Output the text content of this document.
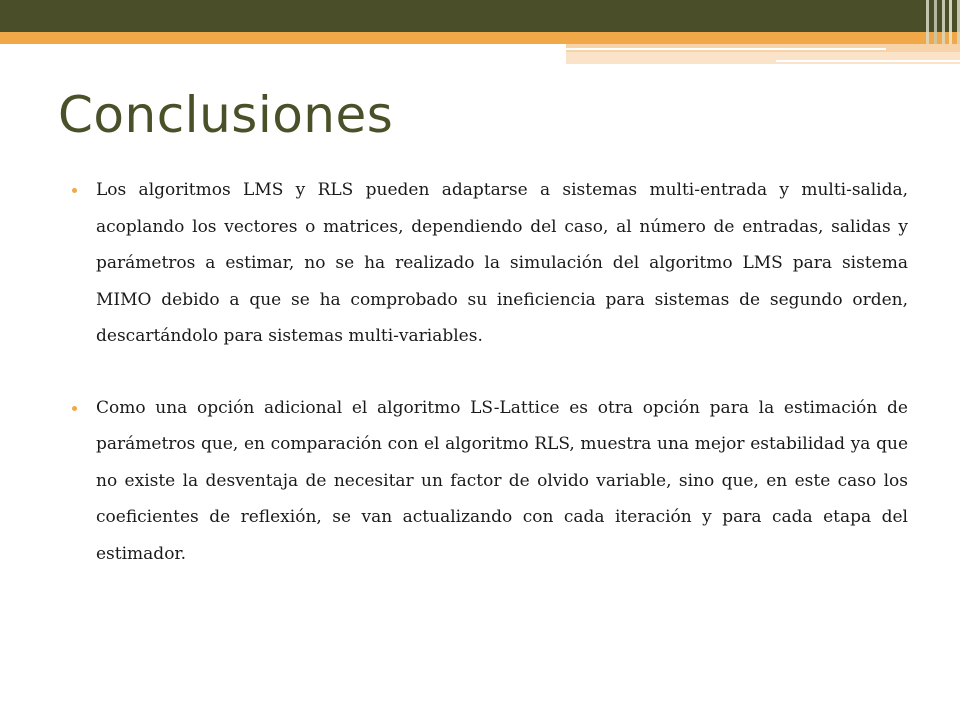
Conclusiones

Los algoritmos LMS y RLS pueden adaptarse a sistemas multi-entrada y multi-salida, acoplando los vectores o matrices, dependiendo del caso, al número de entradas, salidas y parámetros a estimar, no se ha realizado la simulación del algoritmo LMS para sistema MIMO debido a que se ha comprobado su ineficiencia para sistemas de segundo orden, descartándolo para sistemas multi-variables.

Como una opción adicional el algoritmo LS-Lattice es otra opción para la estimación de parámetros que, en comparación con el algoritmo RLS, muestra una mejor estabilidad ya que no existe la desventaja de necesitar un factor de olvido variable, sino que, en este caso los coeficientes de reflexión, se van actualizando con cada iteración y para cada etapa del estimador.
